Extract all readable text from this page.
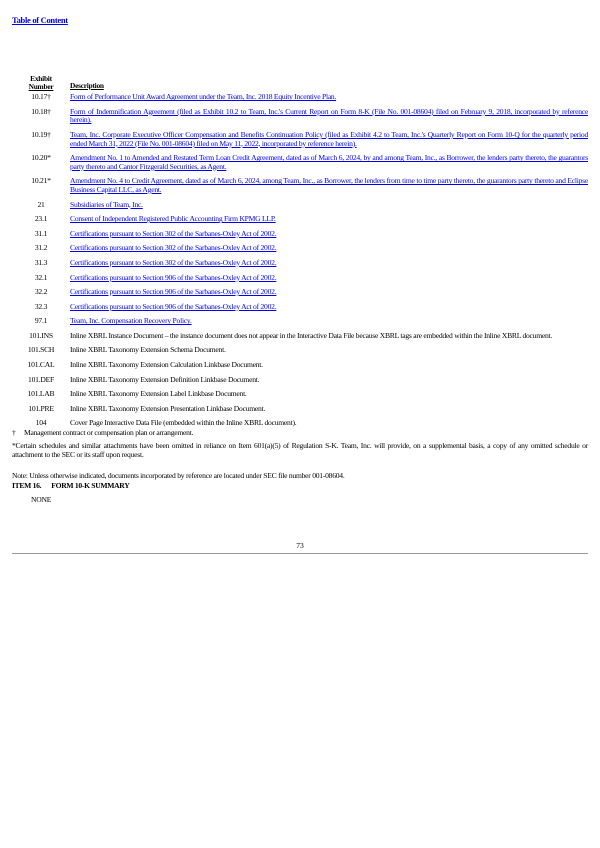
Table of Content
Exhibit
Number	Description
10.17†	Form of Performance Unit Award Agreement under the Team, Inc. 2018 Equity Incentive Plan.
10.18†	Form of Indemnification Agreement (filed as Exhibit 10.2 to Team, Inc.'s Current Report on Form 8-K (File No. 001-08604) filed on February 9, 2018, incorporated by reference herein).
10.19†	Team, Inc. Corporate Executive Officer Compensation and Benefits Continuation Policy (filed as Exhibit 4.2 to Team, Inc.'s Quarterly Report on Form 10-Q for the quarterly period ended March 31, 2022 (File No. 001-08604) filed on May 11, 2022, incorporated by reference herein).
10.20*	Amendment No. 1 to Amended and Restated Term Loan Credit Agreement, dated as of March 6, 2024, by and among Team, Inc., as Borrower, the lenders party thereto, the guarantors party thereto and Cantor Fitzgerald Securities, as Agent.
10.21*	Amendment No. 4 to Credit Agreement, dated as of March 6, 2024, among Team, Inc., as Borrower, the lenders from time to time party thereto, the guarantors party thereto and Eclipse Business Capital LLC, as Agent.
21	Subsidiaries of Team, Inc.
23.1	Consent of Independent Registered Public Accounting Firm KPMG LLP.
31.1	Certifications pursuant to Section 302 of the Sarbanes-Oxley Act of 2002.
31.2	Certifications pursuant to Section 302 of the Sarbanes-Oxley Act of 2002.
31.3	Certifications pursuant to Section 302 of the Sarbanes-Oxley Act of 2002.
32.1	Certifications pursuant to Section 906 of the Sarbanes-Oxley Act of 2002.
32.2	Certifications pursuant to Section 906 of the Sarbanes-Oxley Act of 2002.
32.3	Certifications pursuant to Section 906 of the Sarbanes-Oxley Act of 2002.
97.1	Team, Inc. Compensation Recovery Policy.
101.INS	Inline XBRL Instance Document – the instance document does not appear in the Interactive Data File because XBRL tags are embedded within the Inline XBRL document.
101.SCH	Inline XBRL Taxonomy Extension Schema Document.
101.CAL	Inline XBRL Taxonomy Extension Calculation Linkbase Document.
101.DEF	Inline XBRL Taxonomy Extension Definition Linkbase Document.
101.LAB	Inline XBRL Taxonomy Extension Label Linkbase Document.
101.PRE	Inline XBRL Taxonomy Extension Presentation Linkbase Document.
104	Cover Page Interactive Data File (embedded within the Inline XBRL document).

† Management contract or compensation plan or arrangement.

*Certain schedules and similar attachments have been omitted in reliance on Item 601(a)(5) of Regulation S-K. Team, Inc. will provide, on a supplemental basis, a copy of any omitted schedule or attachment to the SEC or its staff upon request.

Note: Unless otherwise indicated, documents incorporated by reference are located under SEC file number 001-08604.

ITEM 16. FORM 10-K SUMMARY
NONE
73
